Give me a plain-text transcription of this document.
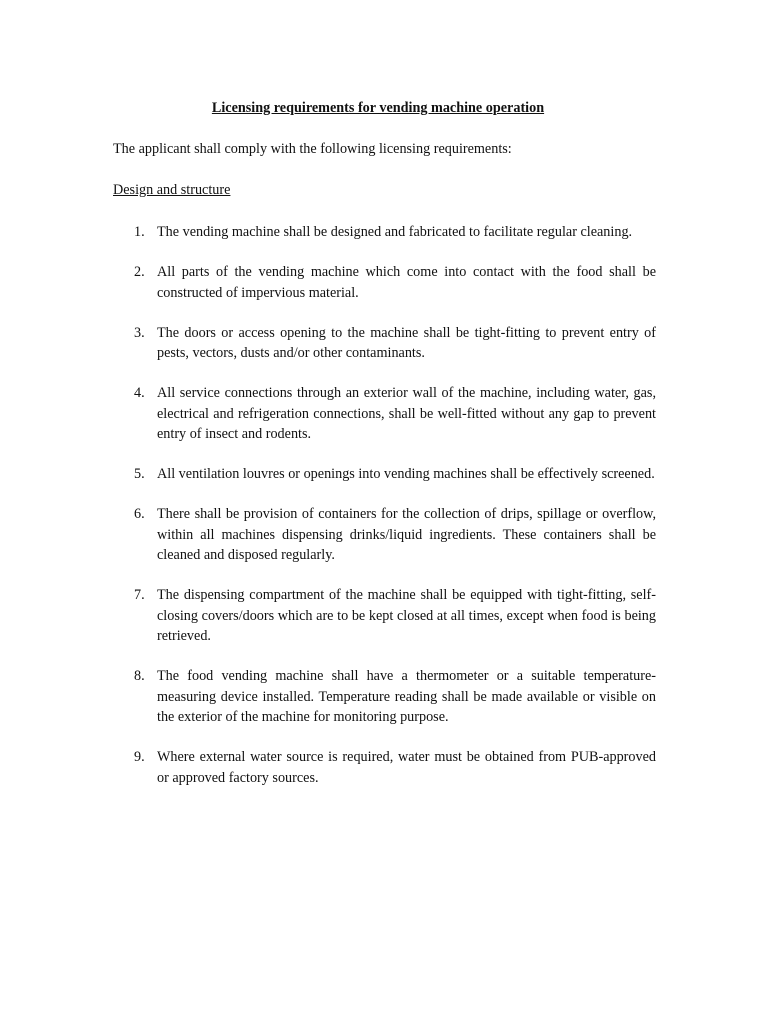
Licensing requirements for vending machine operation

The applicant shall comply with the following licensing requirements:

Design and structure

1. The vending machine shall be designed and fabricated to facilitate regular cleaning.
2. All parts of the vending machine which come into contact with the food shall be constructed of impervious material.
3. The doors or access opening to the machine shall be tight-fitting to prevent entry of pests, vectors, dusts and/or other contaminants.
4. All service connections through an exterior wall of the machine, including water, gas, electrical and refrigeration connections, shall be well-fitted without any gap to prevent entry of insect and rodents.
5. All ventilation louvres or openings into vending machines shall be effectively screened.
6. There shall be provision of containers for the collection of drips, spillage or overflow, within all machines dispensing drinks/liquid ingredients. These containers shall be cleaned and disposed regularly.
7. The dispensing compartment of the machine shall be equipped with tight-fitting, self- closing covers/doors which are to be kept closed at all times, except when food is being retrieved.
8. The food vending machine shall have a thermometer or a suitable temperature-measuring device installed. Temperature reading shall be made available or visible on the exterior of the machine for monitoring purpose.
9. Where external water source is required, water must be obtained from PUB-approved or approved factory sources.
